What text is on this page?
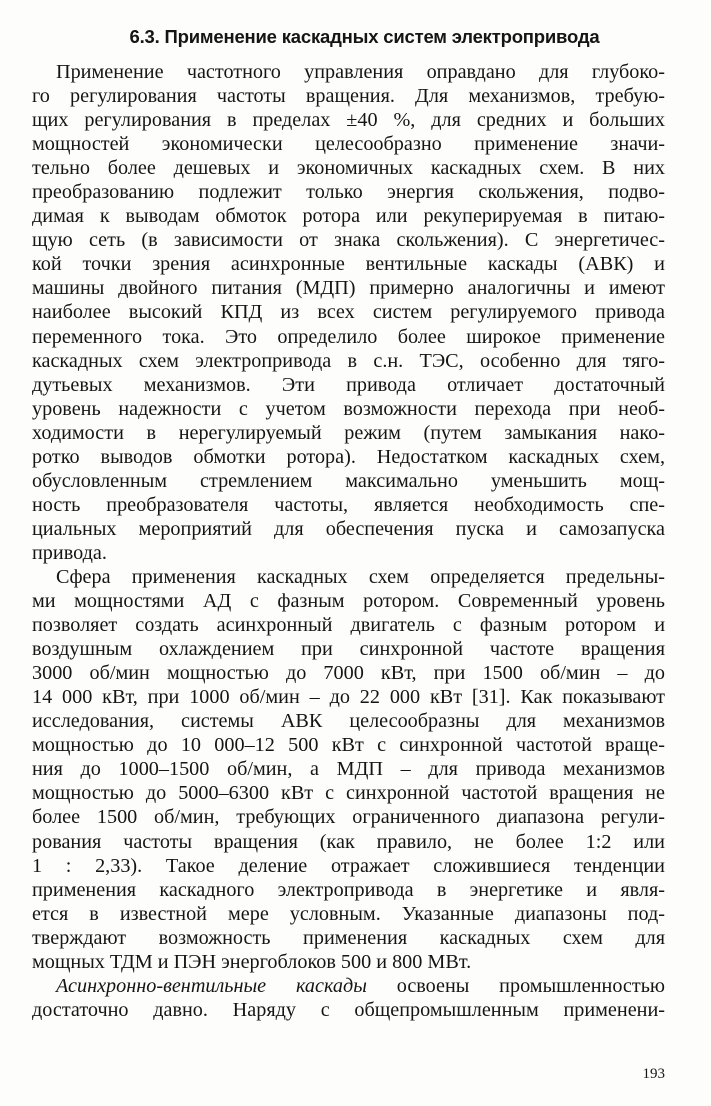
6.3. Применение каскадных систем электропривода
Применение частотного управления оправдано для глубоко-
го регулирования частоты вращения. Для механизмов, требую-
щих регулирования в пределах ±40 %, для средних и больших
мощностей экономически целесообразно применение значи-
тельно более дешевых и экономичных каскадных схем. В них
преобразованию подлежит только энергия скольжения, подво-
димая к выводам обмоток ротора или рекуперируемая в питаю-
щую сеть (в зависимости от знака скольжения). С энергетичес-
кой точки зрения асинхронные вентильные каскады (АВК) и
машины двойного питания (МДП) примерно аналогичны и имеют
наиболее высокий КПД из всех систем регулируемого привода
переменного тока. Это определило более широкое применение
каскадных схем электропривода в с.н. ТЭС, особенно для тяго-
дутьевых механизмов. Эти привода отличает достаточный
уровень надежности с учетом возможности перехода при необ-
ходимости в нерегулируемый режим (путем замыкания нако-
ротко выводов обмотки ротора). Недостатком каскадных схем,
обусловленным стремлением максимально уменьшить мощ-
ность преобразователя частоты, является необходимость спе-
циальных мероприятий для обеспечения пуска и самозапуска
привода.
Сфера применения каскадных схем определяется предельны-
ми мощностями АД с фазным ротором. Современный уровень
позволяет создать асинхронный двигатель с фазным ротором и
воздушным охлаждением при синхронной частоте вращения
3000 об/мин мощностью до 7000 кВт, при 1500 об/мин – до
14 000 кВт, при 1000 об/мин – до 22 000 кВт [31]. Как показывают
исследования, системы АВК целесообразны для механизмов
мощностью до 10 000–12 500 кВт с синхронной частотой враще-
ния до 1000–1500 об/мин, а МДП – для привода механизмов
мощностью до 5000–6300 кВт с синхронной частотой вращения не
более 1500 об/мин, требующих ограниченного диапазона регули-
рования частоты вращения (как правило, не более 1:2 или
1 : 2,33). Такое деление отражает сложившиеся тенденции
применения каскадного электропривода в энергетике и явля-
ется в известной мере условным. Указанные диапазоны под-
тверждают возможность применения каскадных схем для
мощных ТДМ и ПЭН энергоблоков 500 и 800 МВт.
Асинхронно-вентильные каскады освоены промышленностью
достаточно давно. Наряду с общепромышленным применени-
193
